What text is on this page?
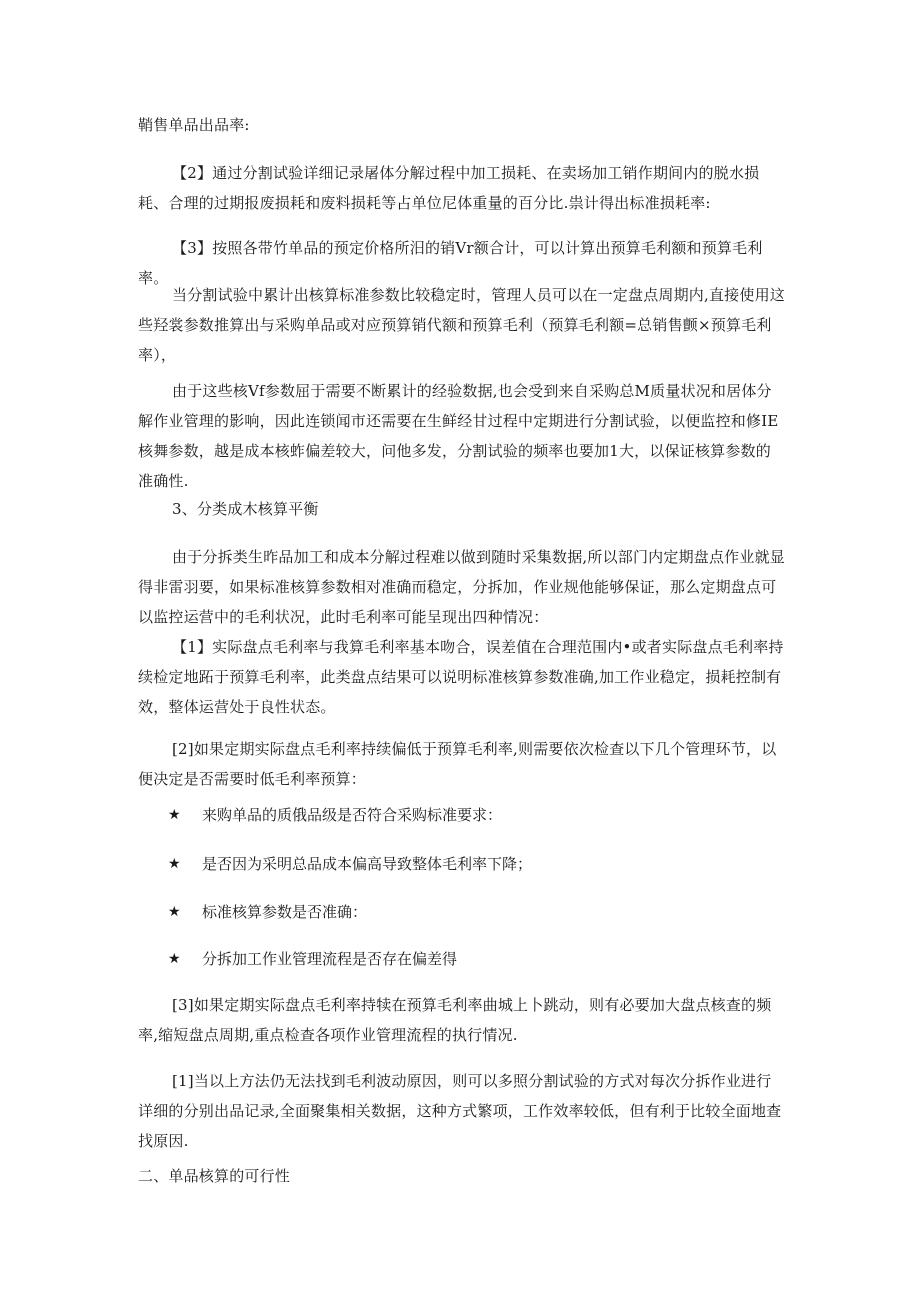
鞘售单品出品率:

【2】通过分割试验详细记录屠体分解过程中加工损耗、在卖场加工销作期间内的脱水损耗、合理的过期报废损耗和废料损耗等占单位尼体重量的百分比.祟计得出标准损耗率:

【3】按照各带竹单品的预定价格所汨的销Vr额合计，可以计算出预算毛利额和预算毛利率。

当分割试验中累计出核算标准参数比较稳定时，管理人员可以在一定盘点周期内,直接使用这些羟裳参数推算出与采购单品或对应预算销代额和预算毛利（预算毛利额=总销售颤×预算毛利率），

由于这些核Vf参数屈于需要不断累计的经验数据,也会受到来自采购总M质量状况和居体分解作业管理的影响，因此连锁闻市还需要在生鲜经甘过程中定期进行分割试验，以便监控和修IE核舞参数，越是成本核蚱偏差较大，问他多发，分割试验的频率也要加1大，以保证核算参数的准确性.

3、分类成木核算平衡

由于分拆类生昨品加工和成本分解过程难以做到随时采集数据,所以部门内定期盘点作业就显得非雷羽要，如果标准核算参数相对准确而稳定，分拆加，作业规他能够保证，那么定期盘点可以监控运营中的毛利状况，此时毛利率可能呈现出四种情况：

【1】实际盘点毛利率与我算毛利率基本吻合，误差值在合理范围内•或者实际盘点毛利率持续检定地跖于预算毛利率，此类盘点结果可以说明标准核算参数准确,加工作业稳定，损耗控制有效，整体运营处于良性状态。

[2]如果定期实际盘点毛利率持续偏低于预算毛利率,则需要依次检查以下几个管理环节，以便决定是否需要时低毛利率预算：

★	来购单品的质俄品级是否符合采购标准要求：
★	是否因为采明总品成本偏高导致整体毛利率下降；
★	标准核算参数是否准确：
★	分拆加工作业管理流程是否存在偏差得

[3]如果定期实际盘点毛利率持犊在预算毛利率曲城上卜跳动，则有必要加大盘点核查的频率,缩短盘点周期,重点检查各项作业管理流程的执行情况.

[1]当以上方法仍无法找到毛利波动原因，则可以多照分割试验的方式对每次分拆作业进行详细的分别出品记录,全面聚集相关数据，这种方式繁项，工作效率较低，但有利于比较全面地查找原因.

二、单品核算的可行性
